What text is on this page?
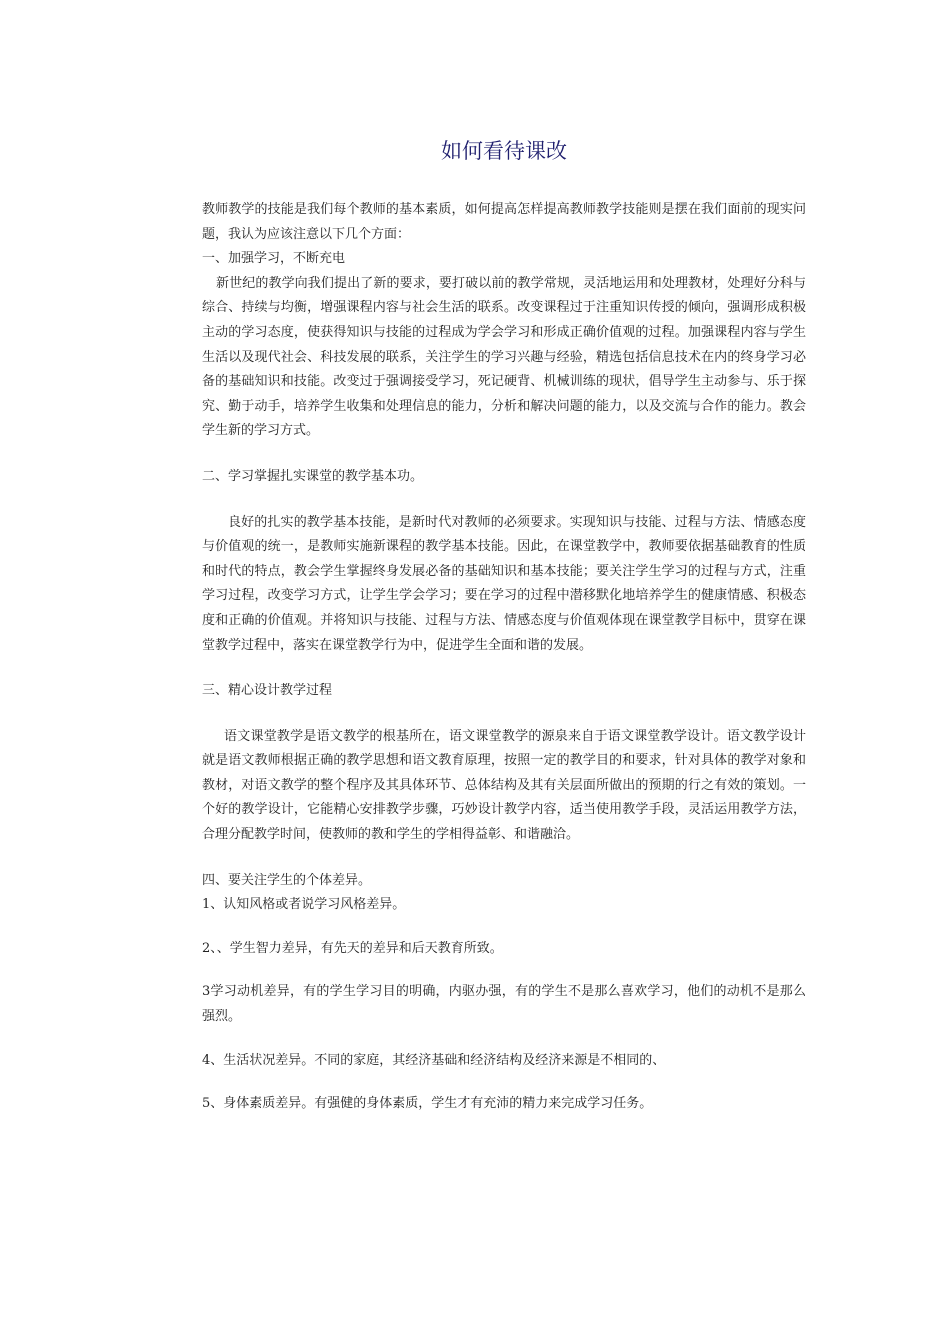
如何看待课改

教师教学的技能是我们每个教师的基本素质，如何提高怎样提高教师教学技能则是摆在我们面前的现实问题，我认为应该注意以下几个方面：

一、加强学习，不断充电

新世纪的教学向我们提出了新的要求，要打破以前的教学常规，灵活地运用和处理教材，处理好分科与综合、持续与均衡，增强课程内容与社会生活的联系。改变课程过于注重知识传授的倾向，强调形成积极主动的学习态度，使获得知识与技能的过程成为学会学习和形成正确价值观的过程。加强课程内容与学生生活以及现代社会、科技发展的联系，关注学生的学习兴趣与经验，精选包括信息技术在内的终身学习必备的基础知识和技能。改变过于强调接受学习，死记硬背、机械训练的现状，倡导学生主动参与、乐于探究、勤于动手，培养学生收集和处理信息的能力，分析和解决问题的能力，以及交流与合作的能力。教会学生新的学习方式。

二、学习掌握扎实课堂的教学基本功。

良好的扎实的教学基本技能，是新时代对教师的必须要求。实现知识与技能、过程与方法、情感态度与价值观的统一，是教师实施新课程的教学基本技能。因此，在课堂教学中，教师要依据基础教育的性质和时代的特点，教会学生掌握终身发展必备的基础知识和基本技能；要关注学生学习的过程与方式，注重学习过程，改变学习方式，让学生学会学习；要在学习的过程中潜移默化地培养学生的健康情感、积极态度和正确的价值观。并将知识与技能、过程与方法、情感态度与价值观体现在课堂教学目标中，贯穿在课堂教学过程中，落实在课堂教学行为中，促进学生全面和谐的发展。

三、精心设计教学过程

语文课堂教学是语文教学的根基所在，语文课堂教学的源泉来自于语文课堂教学设计。语文教学设计就是语文教师根据正确的教学思想和语文教育原理，按照一定的教学目的和要求，针对具体的教学对象和教材，对语文教学的整个程序及其具体环节、总体结构及其有关层面所做出的预期的行之有效的策划。一个好的教学设计，它能精心安排教学步骤，巧妙设计教学内容，适当使用教学手段，灵活运用教学方法，合理分配教学时间，使教师的教和学生的学相得益彰、和谐融洽。

四、要关注学生的个体差异。

1、认知风格或者说学习风格差异。

2、、学生智力差异，有先天的差异和后天教育所致。

3学习动机差异，有的学生学习目的明确，内驱办强，有的学生不是那么喜欢学习，他们的动机不是那么强烈。

4、生活状况差异。不同的家庭，其经济基础和经济结构及经济来源是不相同的、

5、身体素质差异。有强健的身体素质，学生才有充沛的精力来完成学习任务。
